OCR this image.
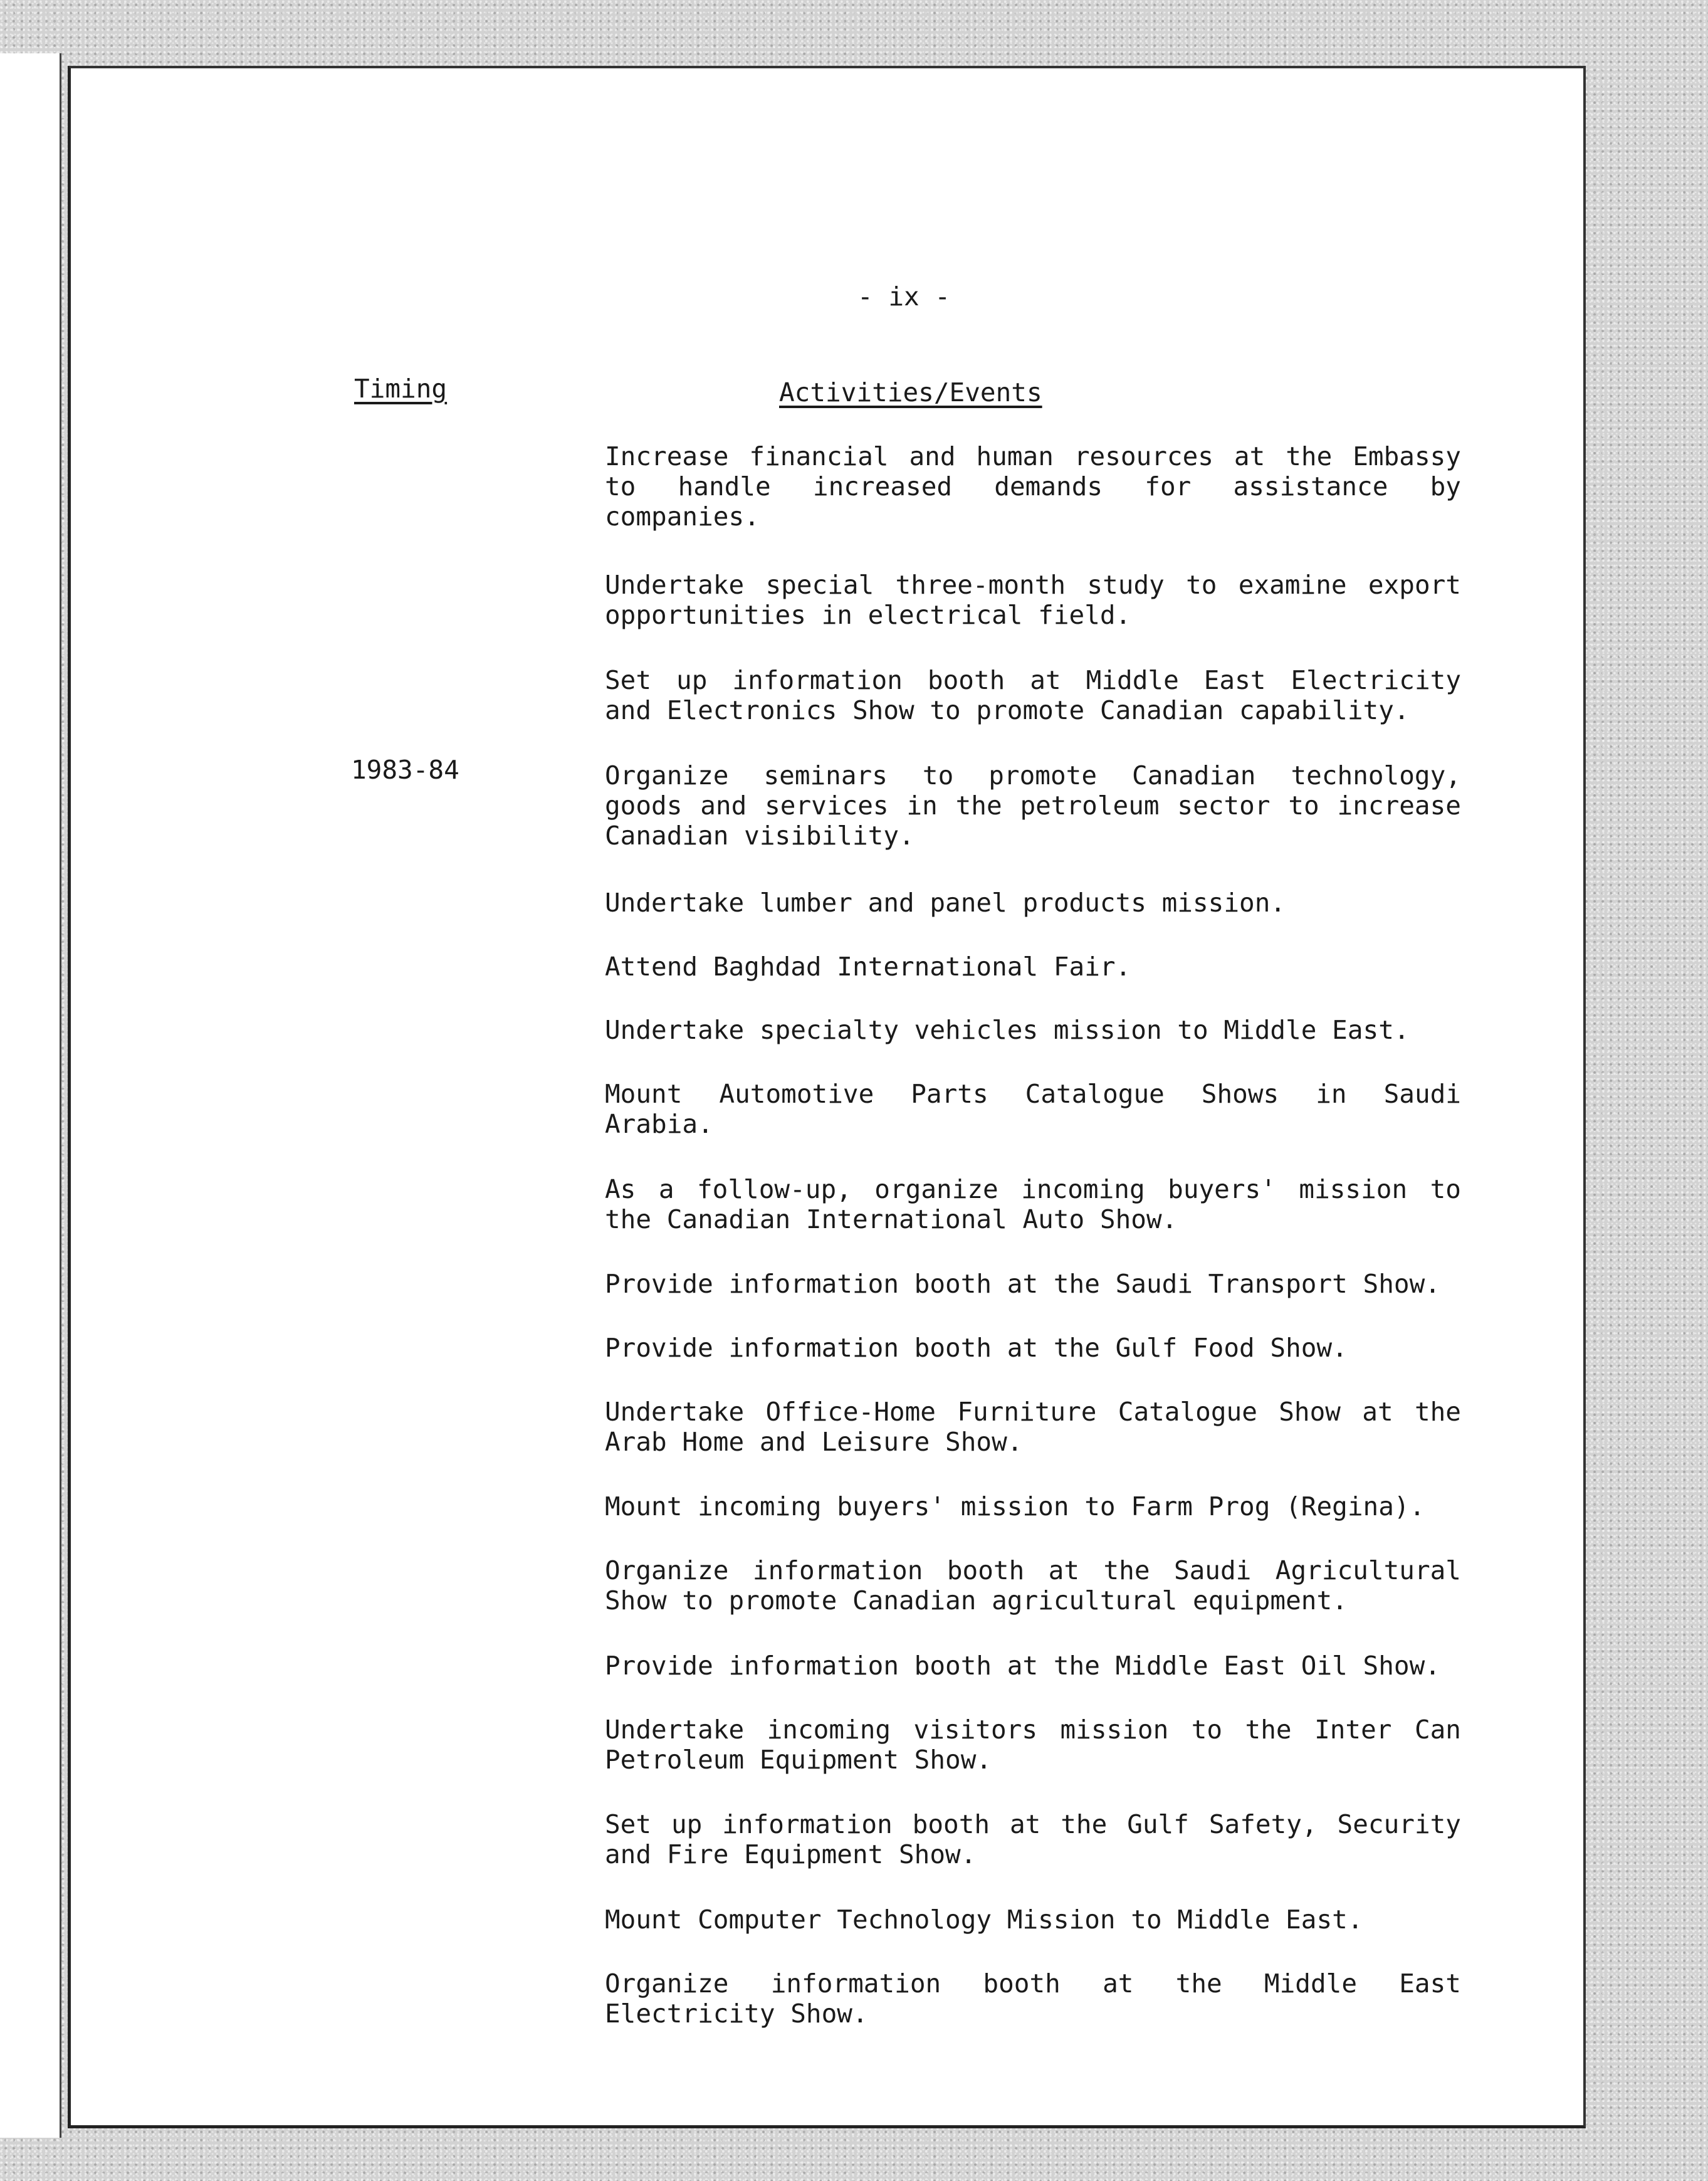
- ix -

Timing	Activities/Events

1983-84

Increase financial and human resources at the Embassy
to handle increased demands for assistance by
companies.
Undertake special three-month study to examine export
opportunities in electrical field.
Set up information booth at Middle East Electricity
and Electronics Show to promote Canadian capability.
Organize seminars to promote Canadian technology,
goods and services in the petroleum sector to increase
Canadian visibility.
Undertake lumber and panel products mission.
Attend Baghdad International Fair.
Undertake specialty vehicles mission to Middle East.
Mount Automotive Parts Catalogue Shows in Saudi
Arabia.
As a follow-up, organize incoming buyers' mission to
the Canadian International Auto Show.
Provide information booth at the Saudi Transport Show.
Provide information booth at the Gulf Food Show.
Undertake Office-Home Furniture Catalogue Show at the
Arab Home and Leisure Show.
Mount incoming buyers' mission to Farm Prog (Regina).
Organize information booth at the Saudi Agricultural
Show to promote Canadian agricultural equipment.
Provide information booth at the Middle East Oil Show.
Undertake incoming visitors mission to the Inter Can
Petroleum Equipment Show.
Set up information booth at the Gulf Safety, Security
and Fire Equipment Show.
Mount Computer Technology Mission to Middle East.
Organize information booth at the Middle East
Electricity Show.
